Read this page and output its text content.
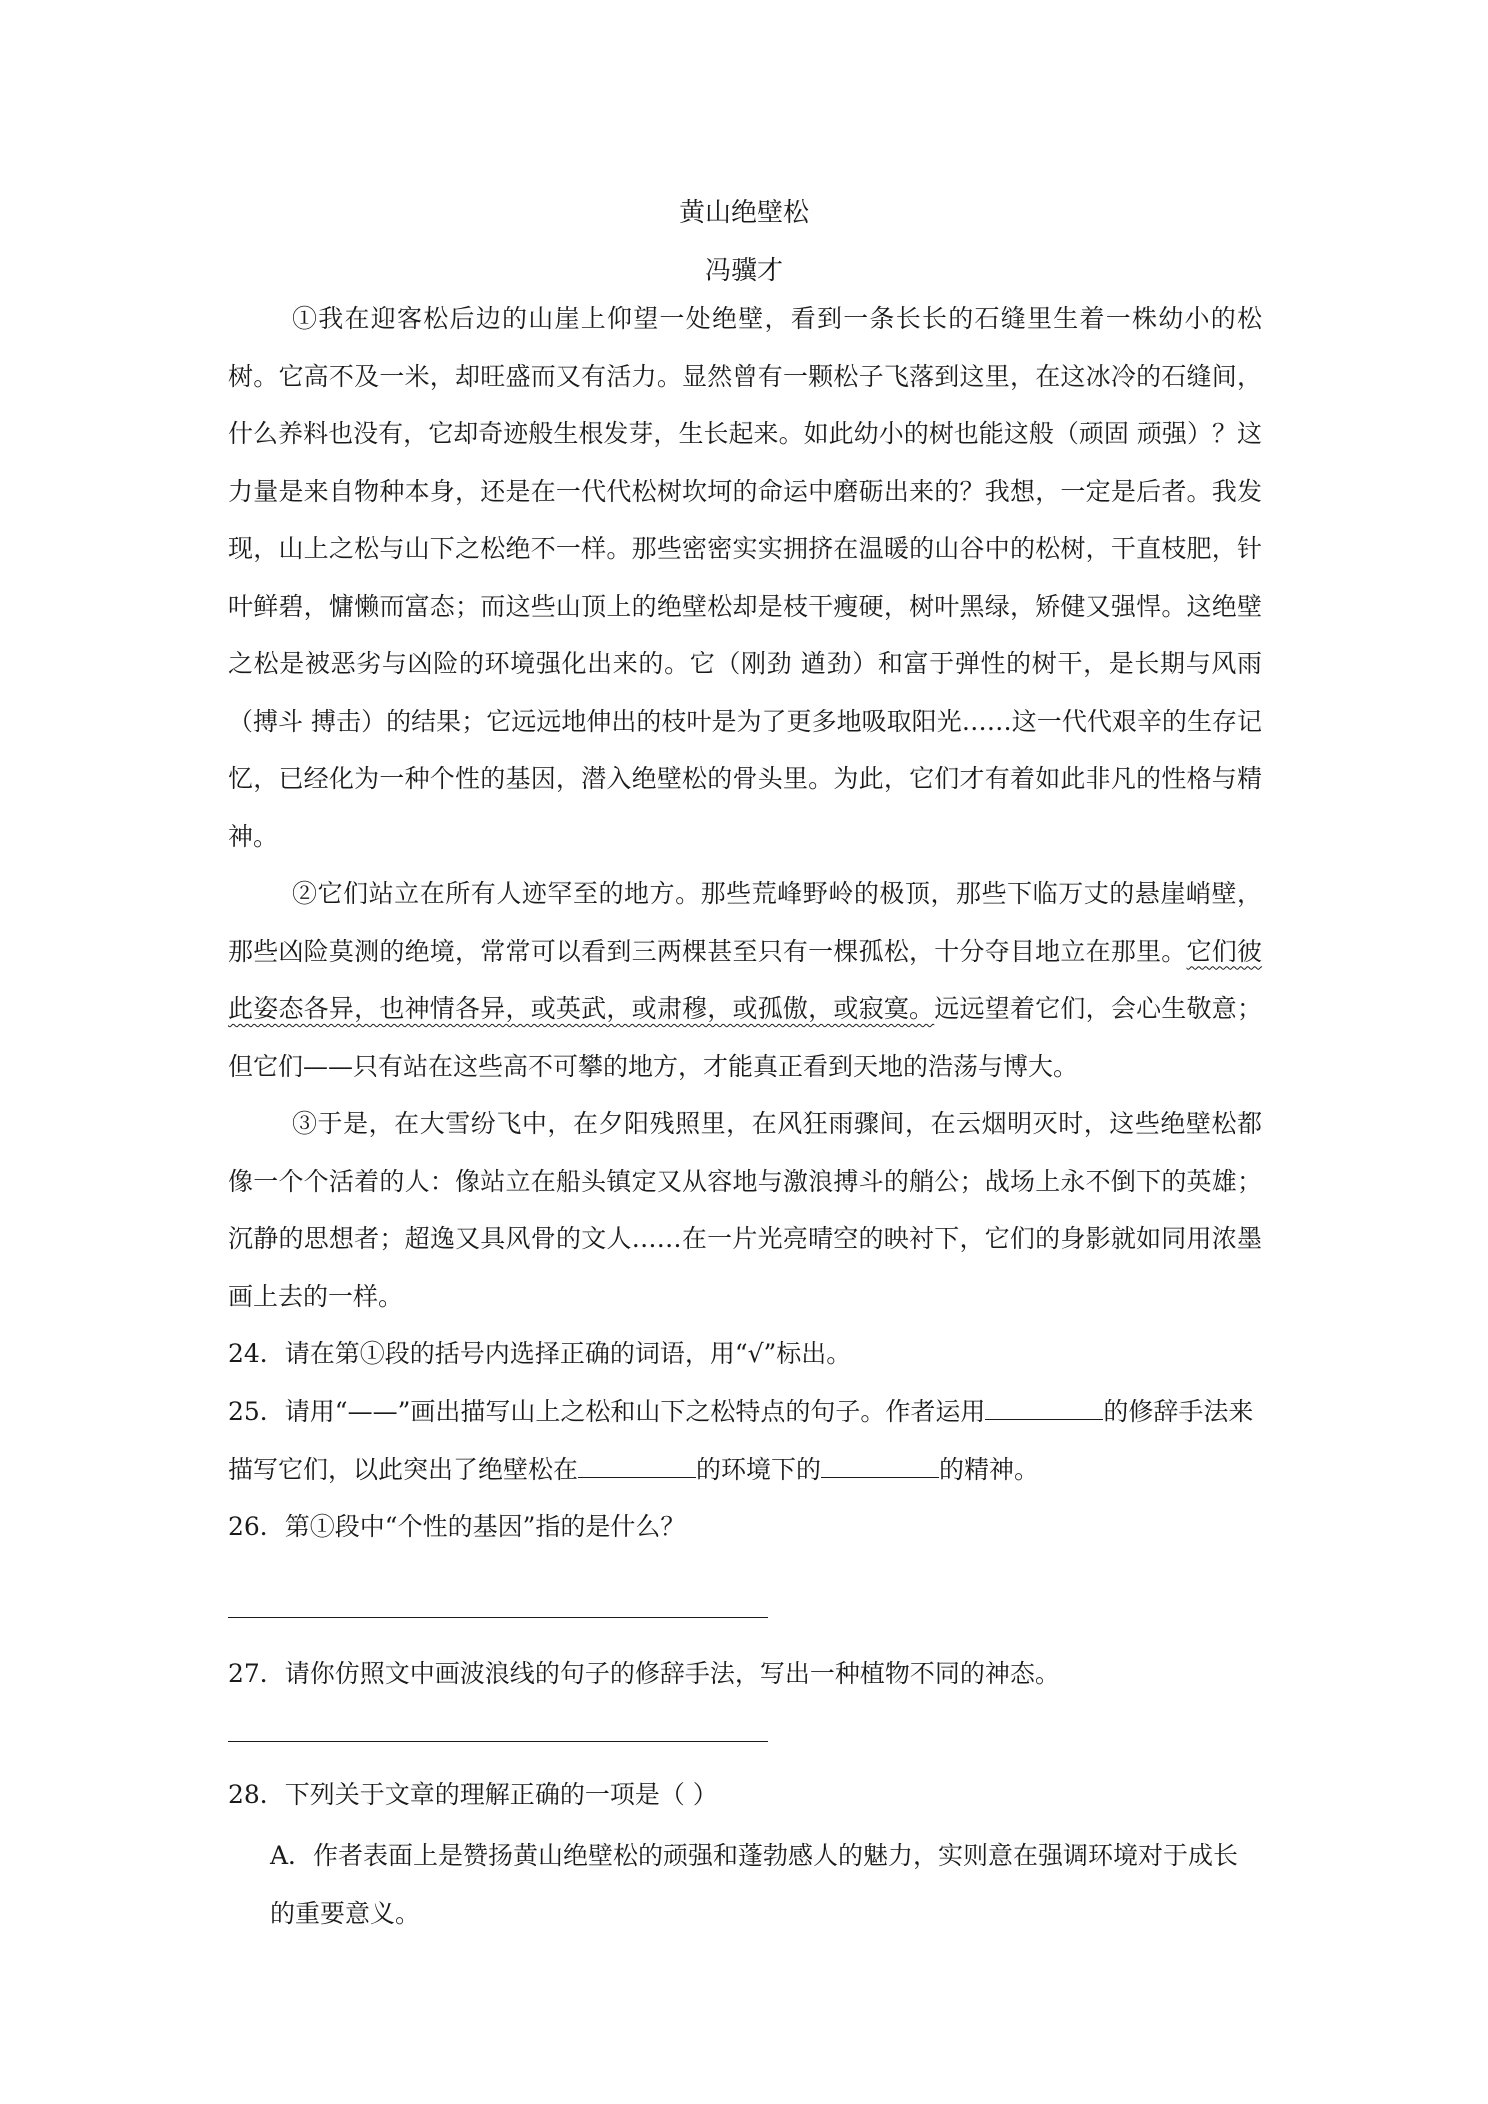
黄山绝壁松
冯骥才

①我在迎客松后边的山崖上仰望一处绝壁，看到一条长长的石缝里生着一株幼小的松树。它高不及一米，却旺盛而又有活力。显然曾有一颗松子飞落到这里，在这冰冷的石缝间，什么养料也没有，它却奇迹般生根发芽，生长起来。如此幼小的树也能这般（顽固 顽强）？这力量是来自物种本身，还是在一代代松树坎坷的命运中磨砺出来的？我想，一定是后者。我发现，山上之松与山下之松绝不一样。那些密密实实拥挤在温暖的山谷中的松树，干直枝肥，针叶鲜碧，慵懒而富态；而这些山顶上的绝壁松却是枝干瘦硬，树叶黑绿，矫健又强悍。这绝壁之松是被恶劣与凶险的环境强化出来的。它（刚劲 遒劲）和富于弹性的树干，是长期与风雨（搏斗 搏击）的结果；它远远地伸出的枝叶是为了更多地吸取阳光……这一代代艰辛的生存记忆，已经化为一种个性的基因，潜入绝壁松的骨头里。为此，它们才有着如此非凡的性格与精神。

②它们站立在所有人迹罕至的地方。那些荒峰野岭的极顶，那些下临万丈的悬崖峭壁，那些凶险莫测的绝境，常常可以看到三两棵甚至只有一棵孤松，十分夺目地立在那里。它们彼此姿态各异，也神情各异，或英武，或肃穆，或孤傲，或寂寞。远远望着它们，会心生敬意；但它们——只有站在这些高不可攀的地方，才能真正看到天地的浩荡与博大。

③于是，在大雪纷飞中，在夕阳残照里，在风狂雨骤间，在云烟明灭时，这些绝壁松都像一个个活着的人：像站立在船头镇定又从容地与激浪搏斗的艄公；战场上永不倒下的英雄；沉静的思想者；超逸又具风骨的文人……在一片光亮晴空的映衬下，它们的身影就如同用浓墨画上去的一样。

24．请在第①段的括号内选择正确的词语，用“√”标出。

25．请用“——”画出描写山上之松和山下之松特点的句子。作者运用	的修辞手法来描写它们，以此突出了绝壁松在	的环境下的	的精神。

26．第①段中“个性的基因”指的是什么？

27．请你仿照文中画波浪线的句子的修辞手法，写出一种植物不同的神态。

28．下列关于文章的理解正确的一项是（ ）

A．作者表面上是赞扬黄山绝壁松的顽强和蓬勃感人的魅力，实则意在强调环境对于成长的重要意义。
